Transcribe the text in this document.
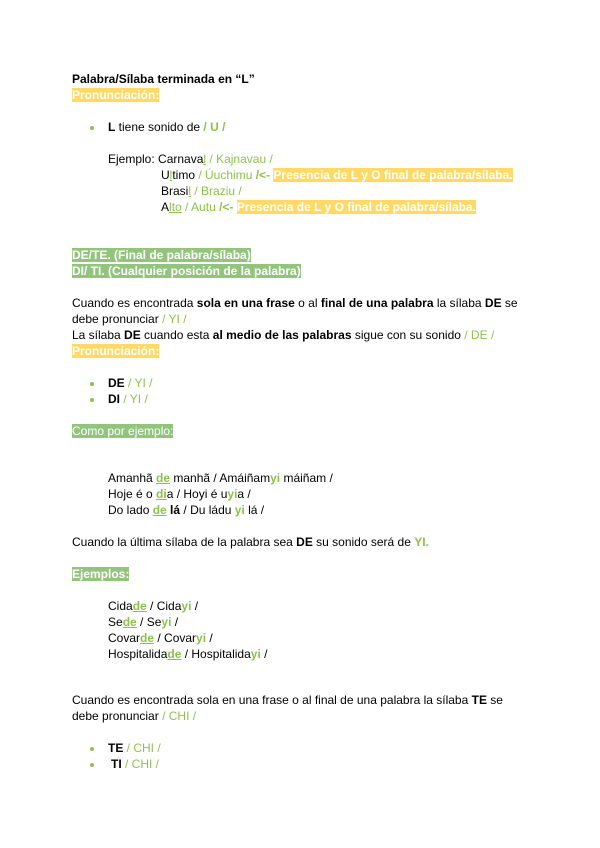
Palabra/Sílaba terminada en “L”
Pronunciación:
L tiene sonido de / U /
Ejemplo: Carnaval / Kajnavau /
Ultimo / Úuchimu /<- Presencia de L y O final de palabra/sílaba.
Brasil / Braziu /
Alto / Autu /<- Presencia de L y O final de palabra/sílaba.
DE/TE. (Final de palabra/sílaba)
DI/ TI. (Cualquier posición de la palabra)
Cuando es encontrada sola en una frase o al final de una palabra la sílaba DE se
debe pronunciar / YI /
La sílaba DE cuando esta al medio de las palabras sigue con su sonido / DE /
Pronunciación:
DE / YI /
DI / YI /
Como por ejemplo:
Amanhã de manhã / Amáiñamyi máiñam /
Hoje é o dia / Hoyi é uyia /
Do lado de lá / Du ládu yi lá /
Cuando la última sílaba de la palabra sea DE su sonido será de YI.
Ejemplos:
Cidade / Cidayi /
Sede / Seyi /
Covarde / Covaryi /
Hospitalidade / Hospitalidayi /
Cuando es encontrada sola en una frase o al final de una palabra la sílaba TE se
debe pronunciar / CHI /
TE / CHI /
TI / CHI /
